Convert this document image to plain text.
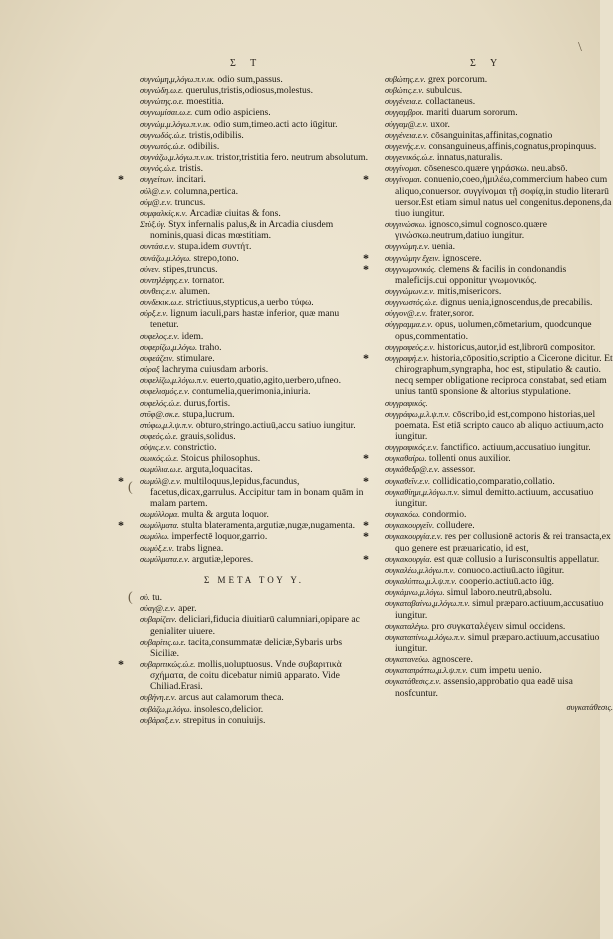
Σ Τ	Σ Υ

συγνώμη,μ,λόγω.π.ν.ικ. odio sum,passus.

συγνώδη.ω.ε. querulus,tristis,odiosus,molestus.

συγνώτης.ο.ε. moestitia.

συγνωμίσαι.ω.ε. cum odio aspiciens.

συγνώμ.μ.λόγω.π.ν.ικ. odio sum,timeo.acti acto iūgitur.

συγνωδός.ώ.ε. tristis,odibilis.

συγνωτός.ώ.ε. odibilis.

συγνάζω,μ.λόγω.π.ν.ικ. tristor,tristitia fero. neutrum absolutum.

συγνός.ώ.ε. tristis.

* συγγείτων. incitari.

σύλ@.ε.ν. columna,pertica.

σύμ@.ε.ν. truncus.

συμφαλκίς.κ.ν. Arcadiæ ciuitas & fons.

Στὺξ.ύγ. Styx infernalis palus,& in Arcadia ciusdem nominis,quasi dicas mœstitiam.

συντάσ.ε.ν. stupa.idem συντήτ.

συνάζω.μ.λόγω. strepo,tono.

σύνεν. stipes,truncus.

συντηλέφης.ε.ν. tornator.

συνθεις.ε.ν. alumen.

συνδεκικ.ω.ε. strictiuus,stypticus,a uerbo τύφω.

σύρξ.ε.ν. lignum iaculi,pars hastæ inferior, quæ manu tenetur.

συφελος.ε.ν. idem.

συφερίζω,μ.λόγω. traho.

συφεάζειν. stimulare.

σύραξ lachryma cuiusdam arboris.

συφελίζω,μ.λόγω.π.ν. euerto,quatio,agito,uerbero,ufneo.

συφελισμός.ε.ν. contumelia,querimonia,iniuria.

συφελός.ώ.ε. durus,fortis.

στῦφ@.σκ.ε. stupa,lucrum.

στύφω,μ.λ.ψ.π.ν. obturo,stringo.actiuū,accu satiuo iungitur.

συφεός.ώ.ε. grauis,solidus.

σύψις.ε.ν. constrictio.

σωικός.ώ.ε. Stoicus philosophus.

σωμύλια.ω.ε. arguta,loquacitas.

* σωμύλ@.ε.ν. multiloquus,lepidus,facundus, facetus,dicax,garrulus. Accipitur tam in bonam quām in malam partem.

σωμύλλομα. multa & arguta loquor.

* σωμύλματα. stulta blateramenta,argutiæ,nugæ,nugamenta.

σωμύλω. imperfectē loquor,garrio.

σωμὺξ.ε.ν. trabs lignea.

σωμύλματα.ε.ν. argutiæ,lepores.

Σ ΜΕΤΑ ΤΟΥ Υ.

σὺ. tu.

σύαγ@.ε.ν. aper.

συβαρίζειν. deliciari,fiducia diuitiarū calumniari,opipare ac genialiter uiuere.

συβαρίτις.ω.ε. tacita,consummatæ deliciæ,Sybaris urbs Siciliæ.

* συβαριτικώς.ώ.ε. mollis,uoluptuosus. Vnde συβαριτικὰ σχήματα, de coitu dicebatur nimiū apparato. Vide Chiliad.Erasi.

συβήνη.ε.ν. arcus aut calamorum theca.

συβάζω,μ.λόγω. insolesco,delicior.

συβάραξ.ε.ν. strepitus in conuiuijs.

συβώτης.ε.ν. grex porcorum.

συβώτις.ε.ν. subulcus.

συγγένεια.ε. collactaneus.

συγγαμβροι. mariti duarum sororum.

σύγγαμ@.ε.ν. uxor.

συγγένεια.ε.ν. cōsanguinitas,affinitas,cognatio

συγγενής.ε.ν. consanguineus,affinis,cognatus,propinquus.

συγγενικός.ώ.ε. innatus,naturalis.

συγγίνομαι. cōsenesco.quære γηράσκω. neu.absō.

* συγγίνομαι. conuenio,coeo,ἡμιλέω,commercium habeo cum aliquo,conuersor. συγγίνομαι τῇ σοφίᾳ,in studio literarū uersor.Est etiam simul natus uel congenitus.deponens,da tiuo iungitur.

συγγινώσκω. ignosco,simul cognosco.quære γινώσκω.neutrum,datiuo iungitur.

συγγνώμη.ε.ν. uenia.

* συγγνώμην ἔχειν. ignoscere.

* συγγνωμονικός. clemens & facilis in condonandis maleficijs.cui opponitur γνωμονικός.

συγγνώμων.ε.ν. mitis,misericors.

συγγνωστός.ώ.ε. dignus uenia,ignoscendus,de precabilis.

σύγγον@.ε.ν. frater,soror.

σύγγραμμα.ε.ν. opus, uolumen,cōmetarium, quodcunque opus,commentatio.

συγγραφεύς.ε.ν. historicus,autor,id est,librorū compositor.

* συγγραφή.ε.ν. historia,cōpositio,scriptio a Cicerone dicitur. Et chirographum,syngrapha, hoc est, stipulatio & cautio. necq semper obligatione reciproca constabat, sed etiam unius tantū sponsione & altorius stypulatione.

συγγραφικός.

συγγράφω,μ.λ.ψ.π.ν. cōscribo,id est,compono historias,uel poemata. Est etiā scripto cauco ab aliquo actiuum,acto iungitur.

συγγραφικός.ε.ν. fanctifico. actiuum,accusatiuo iungitur.

* συγκαθαίρω. tollenti onus auxilior.

συγκάθεδρ@.ε.ν. assessor.

* συγκαθεῖν.ε.ν. collidicatio,comparatio,collatio.

συγκαθίημι,μ.λόγω.π.ν. simul demitto.actiuum, accusatiuo iungitur.

συγκακόω. condormio.

* συγκακουργεῖν. colludere.

* συγκακουργία.ε.ν. res per collusionē actoris & rei transacta,ex quo genere est præuaricatio, id est,

* συγκακουργία. est quæ collusio a Iurisconsultis appellatur.

συγκαλέω,μ.λόγω.π.ν. conuoco.actiuū.acto iūgitur.

συγκαλύπτω,μ.λ.ψ.π.ν. cooperio.actiuū.acto iūg.

συγκάμνω,μ.λόγω. simul laboro.neutrū,absolu.

συγκαταβαίνω,μ.λόγω.π.ν. simul præparo.actiuum,accusatiuo iungitur.

συγκαταλέγω. pro συγκαταλέγειν simul occidens.

συγκαταπίνω,μ.λόγω.π.ν. simul præparo.actiuum,accusatiuo iungitur.

συγκατανεύω. agnoscere.

συγκαταπράττω,μ.λ.ψ.π.ν. cum impetu uenio.

συγκατάθεσις.ε.ν. assensio,approbatio qua eadē uisa nosfcuntur.

συγκατάθεσις.
\
(
(
